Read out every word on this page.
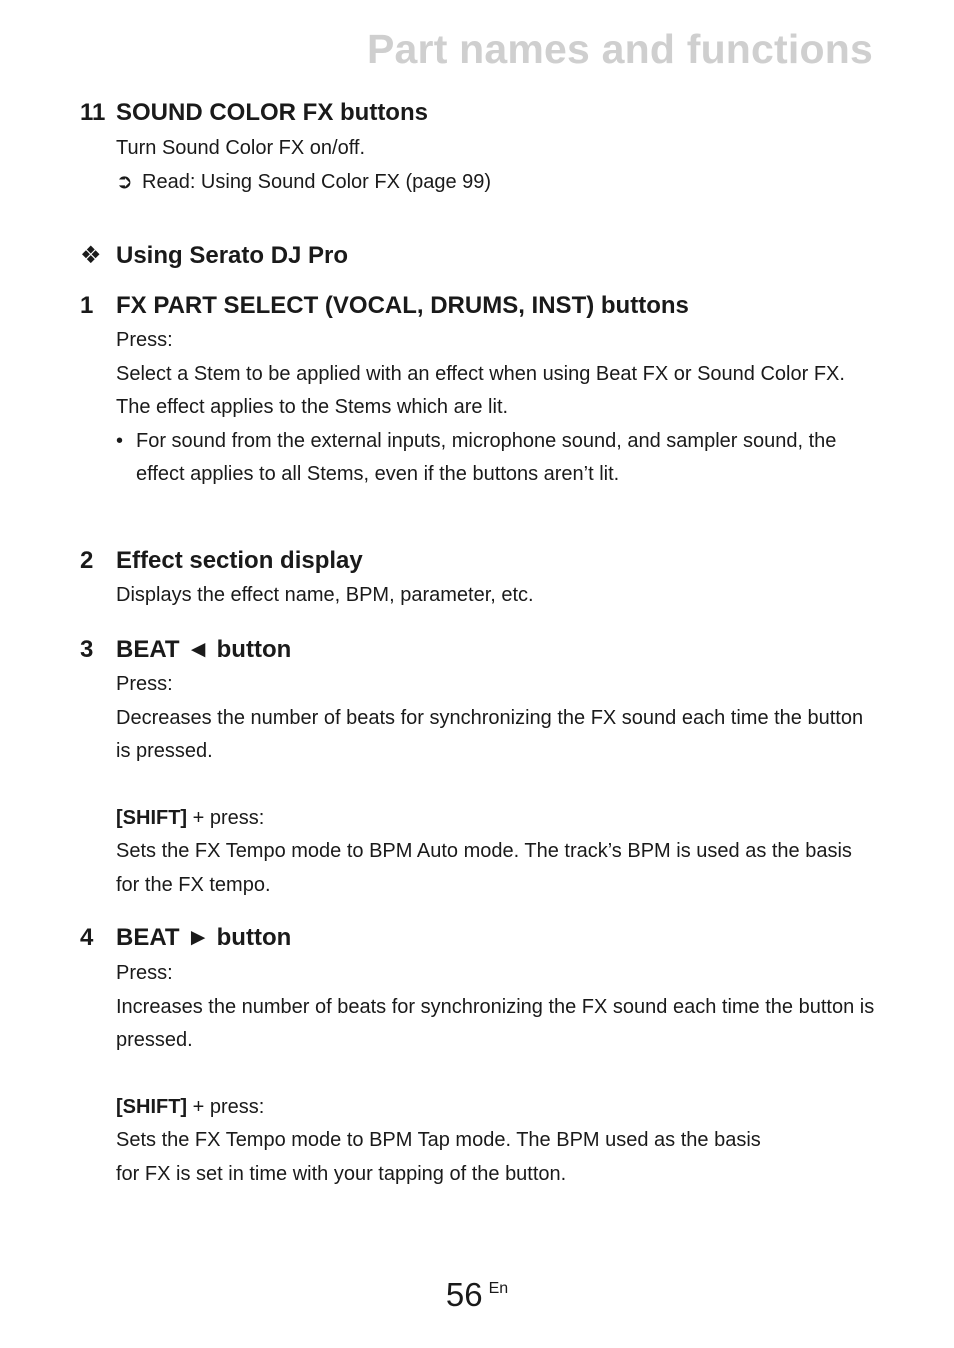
Part names and functions
11 SOUND COLOR FX buttons

Turn Sound Color FX on/off.

➲ Read: Using Sound Color FX (page 99)

❖ Using Serato DJ Pro
1 FX PART SELECT (VOCAL, DRUMS, INST) buttons

Press:

Select a Stem to be applied with an effect when using Beat FX or Sound Color FX.

The effect applies to the Stems which are lit.

• For sound from the external inputs, microphone sound, and sampler sound, the effect applies to all Stems, even if the buttons aren’t lit.

2 Effect section display

Displays the effect name, BPM, parameter, etc.

3 BEAT ◄ button

Press:

Decreases the number of beats for synchronizing the FX sound each time the button is pressed.

[SHIFT] + press:

Sets the FX Tempo mode to BPM Auto mode. The track’s BPM is used as the basis for the FX tempo.

4 BEAT ► button

Press:

Increases the number of beats for synchronizing the FX sound each time the button is pressed.

[SHIFT] + press:

Sets the FX Tempo mode to BPM Tap mode. The BPM used as the basis

for FX is set in time with your tapping of the button.

56 En
